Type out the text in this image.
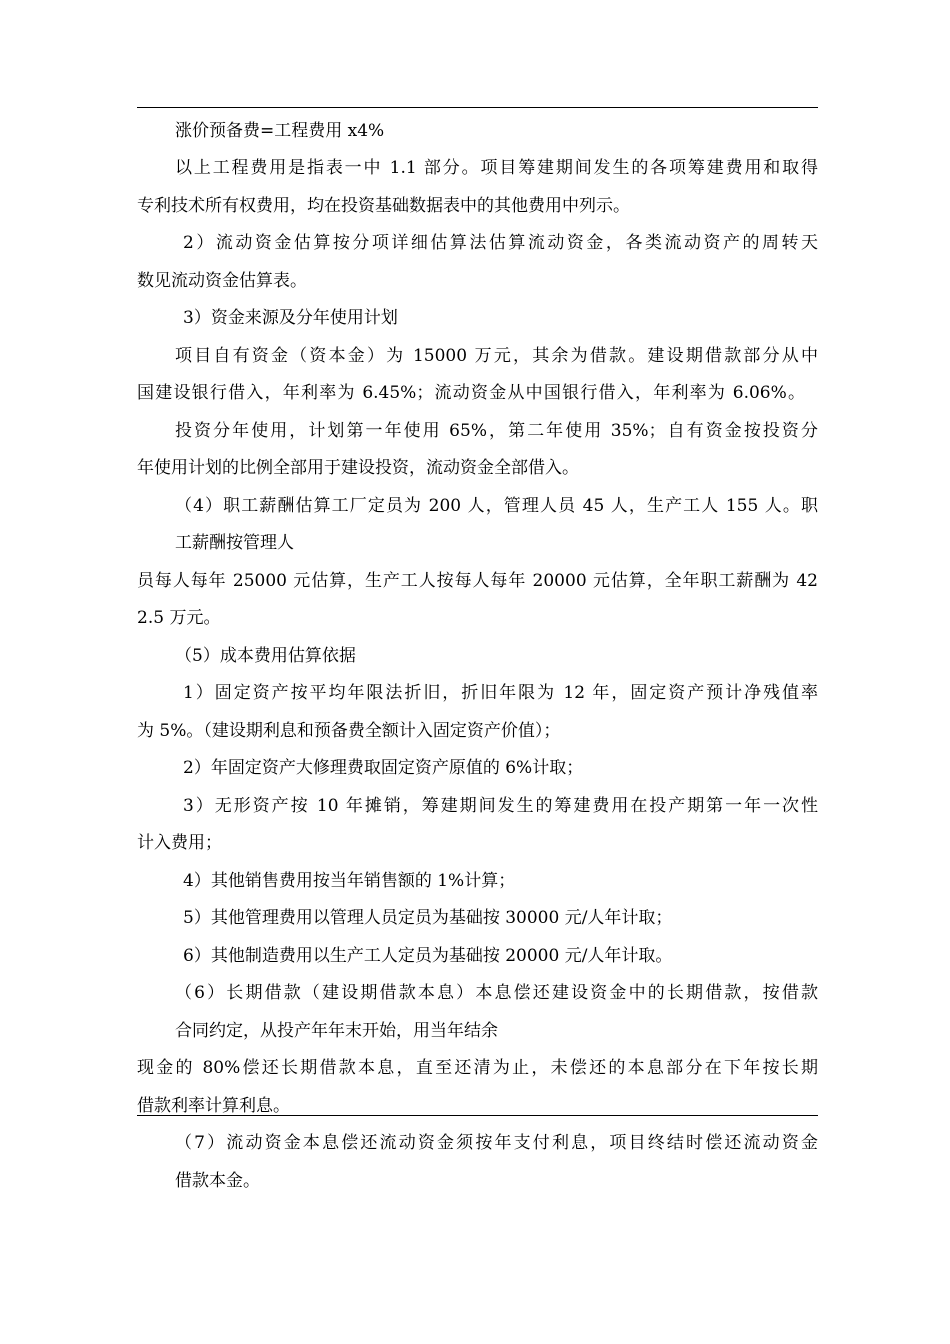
涨价预备费=工程费用 x4%
以上工程费用是指表一中 1.1 部分。项目筹建期间发生的各项筹建费用和取得
专利技术所有权费用，均在投资基础数据表中的其他费用中列示。
2）流动资金估算按分项详细估算法估算流动资金，各类流动资产的周转天
数见流动资金估算表。
3）资金来源及分年使用计划
项目自有资金（资本金）为 15000 万元，其余为借款。建设期借款部分从中
国建设银行借入，年利率为 6.45%；流动资金从中国银行借入，年利率为 6.06%。
投资分年使用，计划第一年使用 65%，第二年使用 35%；自有资金按投资分
年使用计划的比例全部用于建设投资，流动资金全部借入。
（4）职工薪酬估算工厂定员为 200 人，管理人员 45 人，生产工人 155 人。职
工薪酬按管理人
员每人每年 25000 元估算，生产工人按每人每年 20000 元估算，全年职工薪酬为 42
2.5 万元。
（5）成本费用估算依据
1）固定资产按平均年限法折旧，折旧年限为 12 年，固定资产预计净残值率
为 5%。（建设期利息和预备费全额计入固定资产价值）；
2）年固定资产大修理费取固定资产原值的 6%计取；
3）无形资产按 10 年摊销，筹建期间发生的筹建费用在投产期第一年一次性
计入费用；
4）其他销售费用按当年销售额的 1%计算；
5）其他管理费用以管理人员定员为基础按 30000 元/人年计取；
6）其他制造费用以生产工人定员为基础按 20000 元/人年计取。
（6）长期借款（建设期借款本息）本息偿还建设资金中的长期借款，按借款
合同约定，从投产年年末开始，用当年结余
现金的 80%偿还长期借款本息，直至还清为止，未偿还的本息部分在下年按长期
借款利率计算利息。
（7）流动资金本息偿还流动资金须按年支付利息，项目终结时偿还流动资金
借款本金。
